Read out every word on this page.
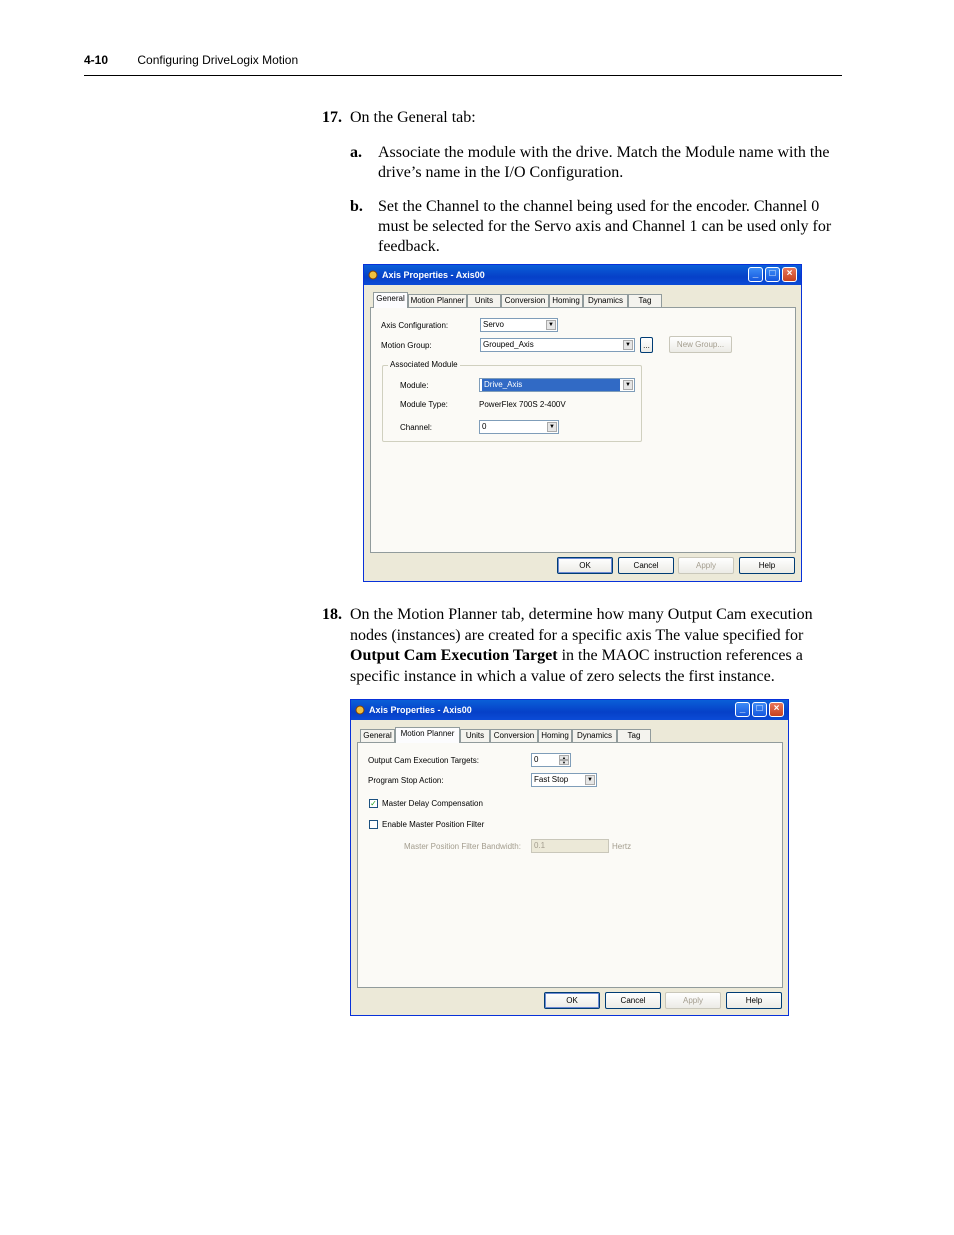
4-10 Configuring DriveLogix Motion
17. On the General tab:
a. Associate the module with the drive. Match the Module name with the drive’s name in the I/O Configuration.
b. Set the Channel to the channel being used for the encoder. Channel 0 must be selected for the Servo axis and Channel 1 can be used only for feedback.
Axis Properties - Axis00	_	□	×
Axis Configuration:	Servo	▼
Motion Group:	Grouped_Axis	▼	...	New Group...
Associated Module
Module:	Drive_Axis	▼
Module Type:	PowerFlex 700S 2-400V
Channel:	0	▼
General Motion Planner	Units	Conversion Homing	Dynamics	Tag
OK	Cancel	Apply	Help
18. On the Motion Planner tab, determine how many Output Cam execution nodes (instances) are created for a specific axis The value specified for Output Cam Execution Target in the MAOC instruction references a specific instance in which a value of zero selects the first instance.
Axis Properties - Axis00	_	□	×
Output Cam Execution Targets:	0	▲
▼
Program Stop Action:	Fast Stop	▼
✓ Master Delay Compensation
Enable Master Position Filter
Master Position Filter Bandwidth:	0.1	Hertz
General	Motion Planner	Units	Conversion Homing	Dynamics	Tag
OK	Cancel	Apply	Help
